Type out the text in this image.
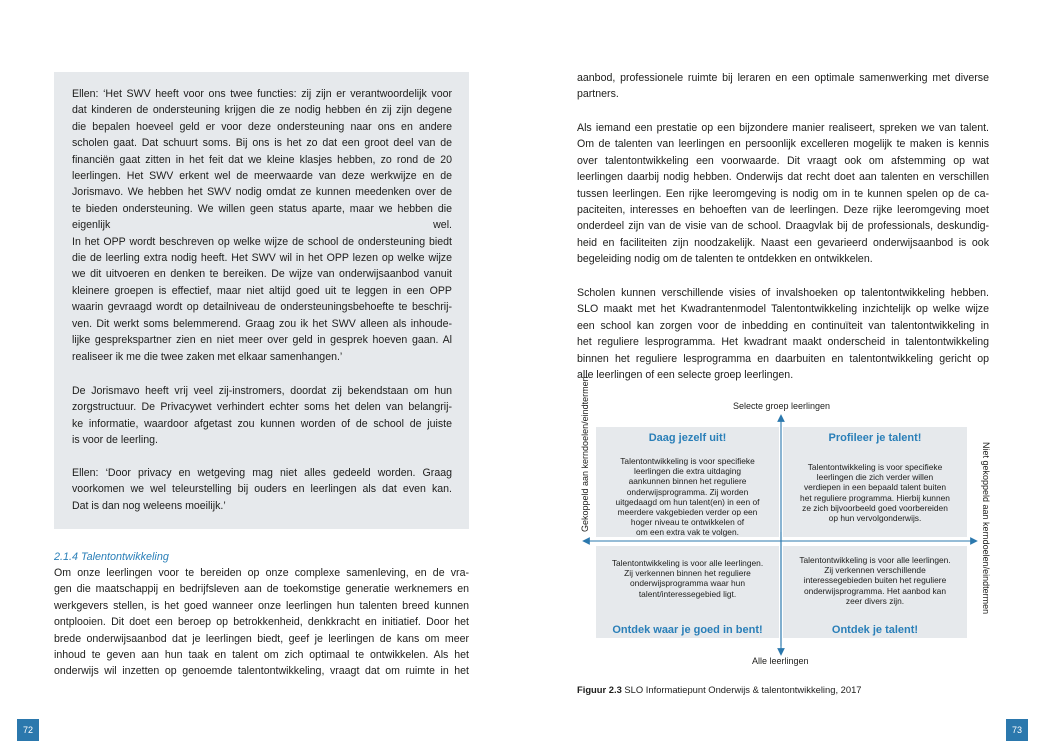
Ellen: ‘Het SWV heeft voor ons twee functies: zij zijn er verantwoordelijk voor
dat kinderen de ondersteuning krijgen die ze nodig hebben én zij zijn degene
die bepalen hoeveel geld er voor deze ondersteuning naar ons en andere
scholen gaat. Dat schuurt soms. Bij ons is het zo dat een groot deel van de
financiën gaat zitten in het feit dat we kleine klasjes hebben, zo rond de 20
leerlingen. Het SWV erkent wel de meerwaarde van deze werkwijze en de
Jorismavo. We hebben het SWV nodig omdat ze kunnen meedenken over de
te bieden ondersteuning. We willen geen status aparte, maar we hebben die
eigenlijk wel.
In het OPP wordt beschreven op welke wijze de school de ondersteuning biedt
die de leerling extra nodig heeft. Het SWV wil in het OPP lezen op welke wijze
we dit uitvoeren en denken te bereiken. De wijze van onderwijsaanbod vanuit
kleinere groepen is effectief, maar niet altijd goed uit te leggen in een OPP
waarin gevraagd wordt op detailniveau de ondersteuningsbehoefte te beschrij-
ven. Dit werkt soms belemmerend. Graag zou ik het SWV alleen als inhoude-
lijke gesprekspartner zien en niet meer over geld in gesprek hoeven gaan. Al
realiseer ik me die twee zaken met elkaar samenhangen.’
De Jorismavo heeft vrij veel zij-instromers, doordat zij bekendstaan om hun
zorgstructuur. De Privacywet verhindert echter soms het delen van belangrij-
ke informatie, waardoor afgetast zou kunnen worden of de school de juiste
is voor de leerling.
Ellen: ‘Door privacy en wetgeving mag niet alles gedeeld worden. Graag
voorkomen we wel teleurstelling bij ouders en leerlingen als dat even kan.
Dat is dan nog weleens moeilijk.’
2.1.4 Talentontwikkeling
Om onze leerlingen voor te bereiden op onze complexe samenleving, en de vra-
gen die maatschappij en bedrijfsleven aan de toekomstige generatie werknemers en
werkgevers stellen, is het goed wanneer onze leerlingen hun talenten breed kunnen
ontplooien. Dit doet een beroep op betrokkenheid, denkkracht en initiatief. Door het
brede onderwijsaanbod dat je leerlingen biedt, geef je leerlingen de kans om meer
inhoud te geven aan hun taak en talent om zich optimaal te ontwikkelen. Als het
onderwijs wil inzetten op genoemde talentontwikkeling, vraagt dat om ruimte in het
72
aanbod, professionele ruimte bij leraren en een optimale samenwerking met diverse
partners.
Als iemand een prestatie op een bijzondere manier realiseert, spreken we van talent.
Om de talenten van leerlingen en persoonlijk excelleren mogelijk te maken is kennis
over talentontwikkeling een voorwaarde. Dit vraagt ook om afstemming op wat
leerlingen daarbij nodig hebben. Onderwijs dat recht doet aan talenten en verschillen
tussen leerlingen. Een rijke leeromgeving is nodig om in te kunnen spelen op de ca-
paciteiten, interesses en behoeften van de leerlingen. Deze rijke leeromgeving moet
onderdeel zijn van de visie van de school. Draagvlak bij de professionals, deskundig-
heid en faciliteiten zijn noodzakelijk. Naast een gevarieerd onderwijsaanbod is ook
begeleiding nodig om de talenten te ontdekken en ontwikkelen.
Scholen kunnen verschillende visies of invalshoeken op talentontwikkeling hebben.
SLO maakt met het Kwadrantenmodel Talentontwikkeling inzichtelijk op welke wijze
een school kan zorgen voor de inbedding en continuïteit van talentontwikkeling in
het reguliere lesprogramma. Het kwadrant maakt onderscheid in talentontwikkeling
binnen het reguliere lesprogramma en daarbuiten en talentontwikkeling gericht op
alle leerlingen of een selecte groep leerlingen.
Selecte groep leerlingen
Daag jezelf uit!	Profileer je talent!
Talentontwikkeling is voor specifieke
leerlingen die extra uitdaging
aankunnen binnen het reguliere
onderwijsprogramma. Zij worden
uitgedaagd om hun talent(en) in een of
meerdere vakgebieden verder op een
hoger niveau te ontwikkelen of
om een extra vak te volgen.
Talentontwikkeling is voor specifieke
leerlingen die zich verder willen
verdiepen in een bepaald talent buiten
het reguliere programma. Hierbij kunnen
ze zich bijvoorbeeld goed voorbereiden
op hun vervolgonderwijs.
Talentontwikkeling is voor alle leerlingen.
Zij verkennen binnen het reguliere
onderwijsprogramma waar hun
talent/interessegebied ligt.
Talentontwikkeling is voor alle leerlingen.
Zij verkennen verschillende
interessegebieden buiten het reguliere
onderwijsprogramma. Het aanbod kan
zeer divers zijn.
Ontdek waar je goed in bent!	Ontdek je talent!
Alle leerlingen
Gekoppeld aan kerndoelen/eindtermen	Niet gekoppeld aan kerndoelen/eindtermen
Figuur 2.3 SLO Informatiepunt Onderwijs & talentontwikkeling, 2017
73
